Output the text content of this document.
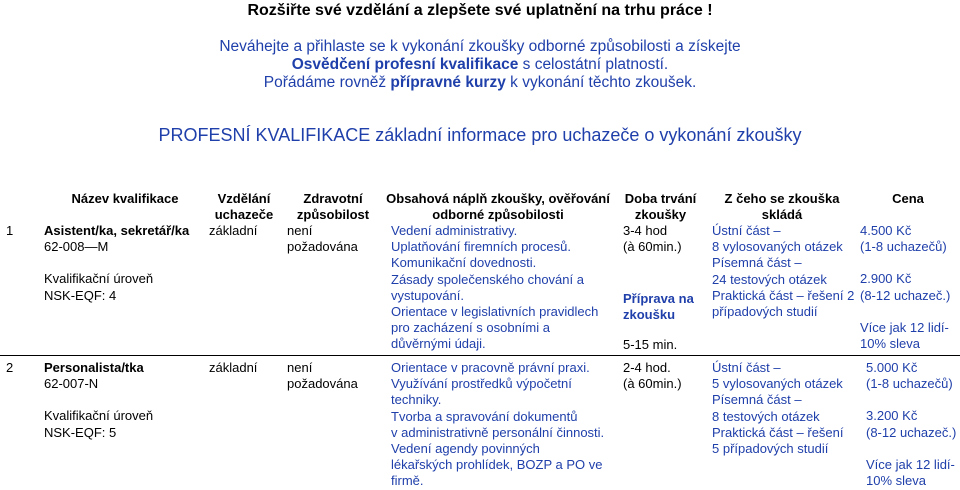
Rozšiřte své vzdělání a zlepšete své uplatnění na trhu práce !
Neváhejte a přihlaste se k vykonání zkoušky odborné způsobilosti a získejte
Osvědčení profesní kvalifikace s celostátní platností.
Pořádáme rovněž přípravné kurzy k vykonání těchto zkoušek.
PROFESNÍ KVALIFIKACE základní informace pro uchazeče o vykonání zkoušky
Název kvalifikace	Vzdělání
uchazeče
Zdravotní
způsobilost
Obsahová náplň zkoušky, ověřování
odborné způsobilosti
Doba trvání
zkoušky
Z čeho se zkouška
skládá
Cena
1 Asistent/ka, sekretář/ka
62-008—M
Kvalifikační úroveň
NSK-EQF: 4
základní není
požadována
Vedení administrativy.
Uplatňování firemních procesů.
Komunikační dovednosti.
Zásady společenského chování a
vystupování.
Orientace v legislativních pravidlech
pro zacházení s osobními a
důvěrnými údaji.
3-4 hod
(à 60min.)
Příprava na
zkoušku
5-15 min.
Ústní část –
8 vylosovaných otázek
Písemná část –
24 testových otázek
Praktická část – řešení 2
případových studií
4.500 Kč
(1-8 uchazečů)
2.900 Kč
(8-12 uchazeč.)
Více jak 12 lidí-
10% sleva
2 Personalista/tka
62-007-N
Kvalifikační úroveň
NSK-EQF: 5
základní není
požadována
Orientace v pracovně právní praxi.
Využívání prostředků výpočetní
techniky.
Tvorba a spravování dokumentů
v administrativně personální činnosti.
Vedení agendy povinných
lékařských prohlídek, BOZP a PO ve
firmě.
2-4 hod.
(à 60min.)
Ústní část –
5 vylosovaných otázek
Písemná část –
8 testových otázek
Praktická část – řešení
5 případových studií
5.000 Kč
(1-8 uchazečů)
3.200 Kč
(8-12 uchazeč.)
Více jak 12 lidí-
10% sleva
